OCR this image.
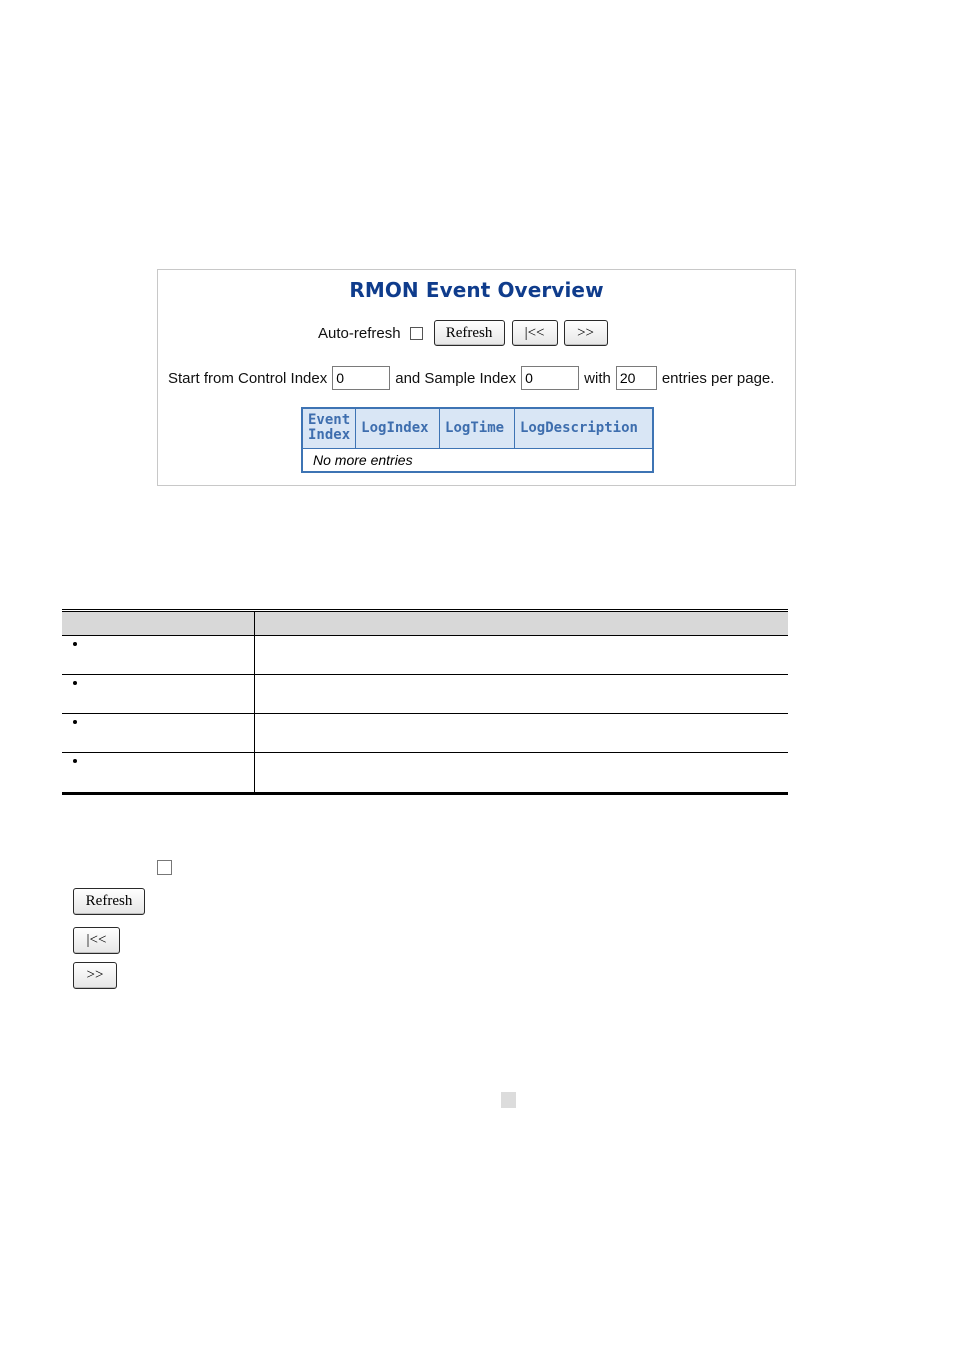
RMON Event Overview
Auto-refresh	Refresh	|<<	>>
Start from Control Index 0	and Sample Index 0	with 20	entries per page.
Event
Index	LogIndex	LogTime	LogDescription
No more entries
Refresh
|<<
>>
